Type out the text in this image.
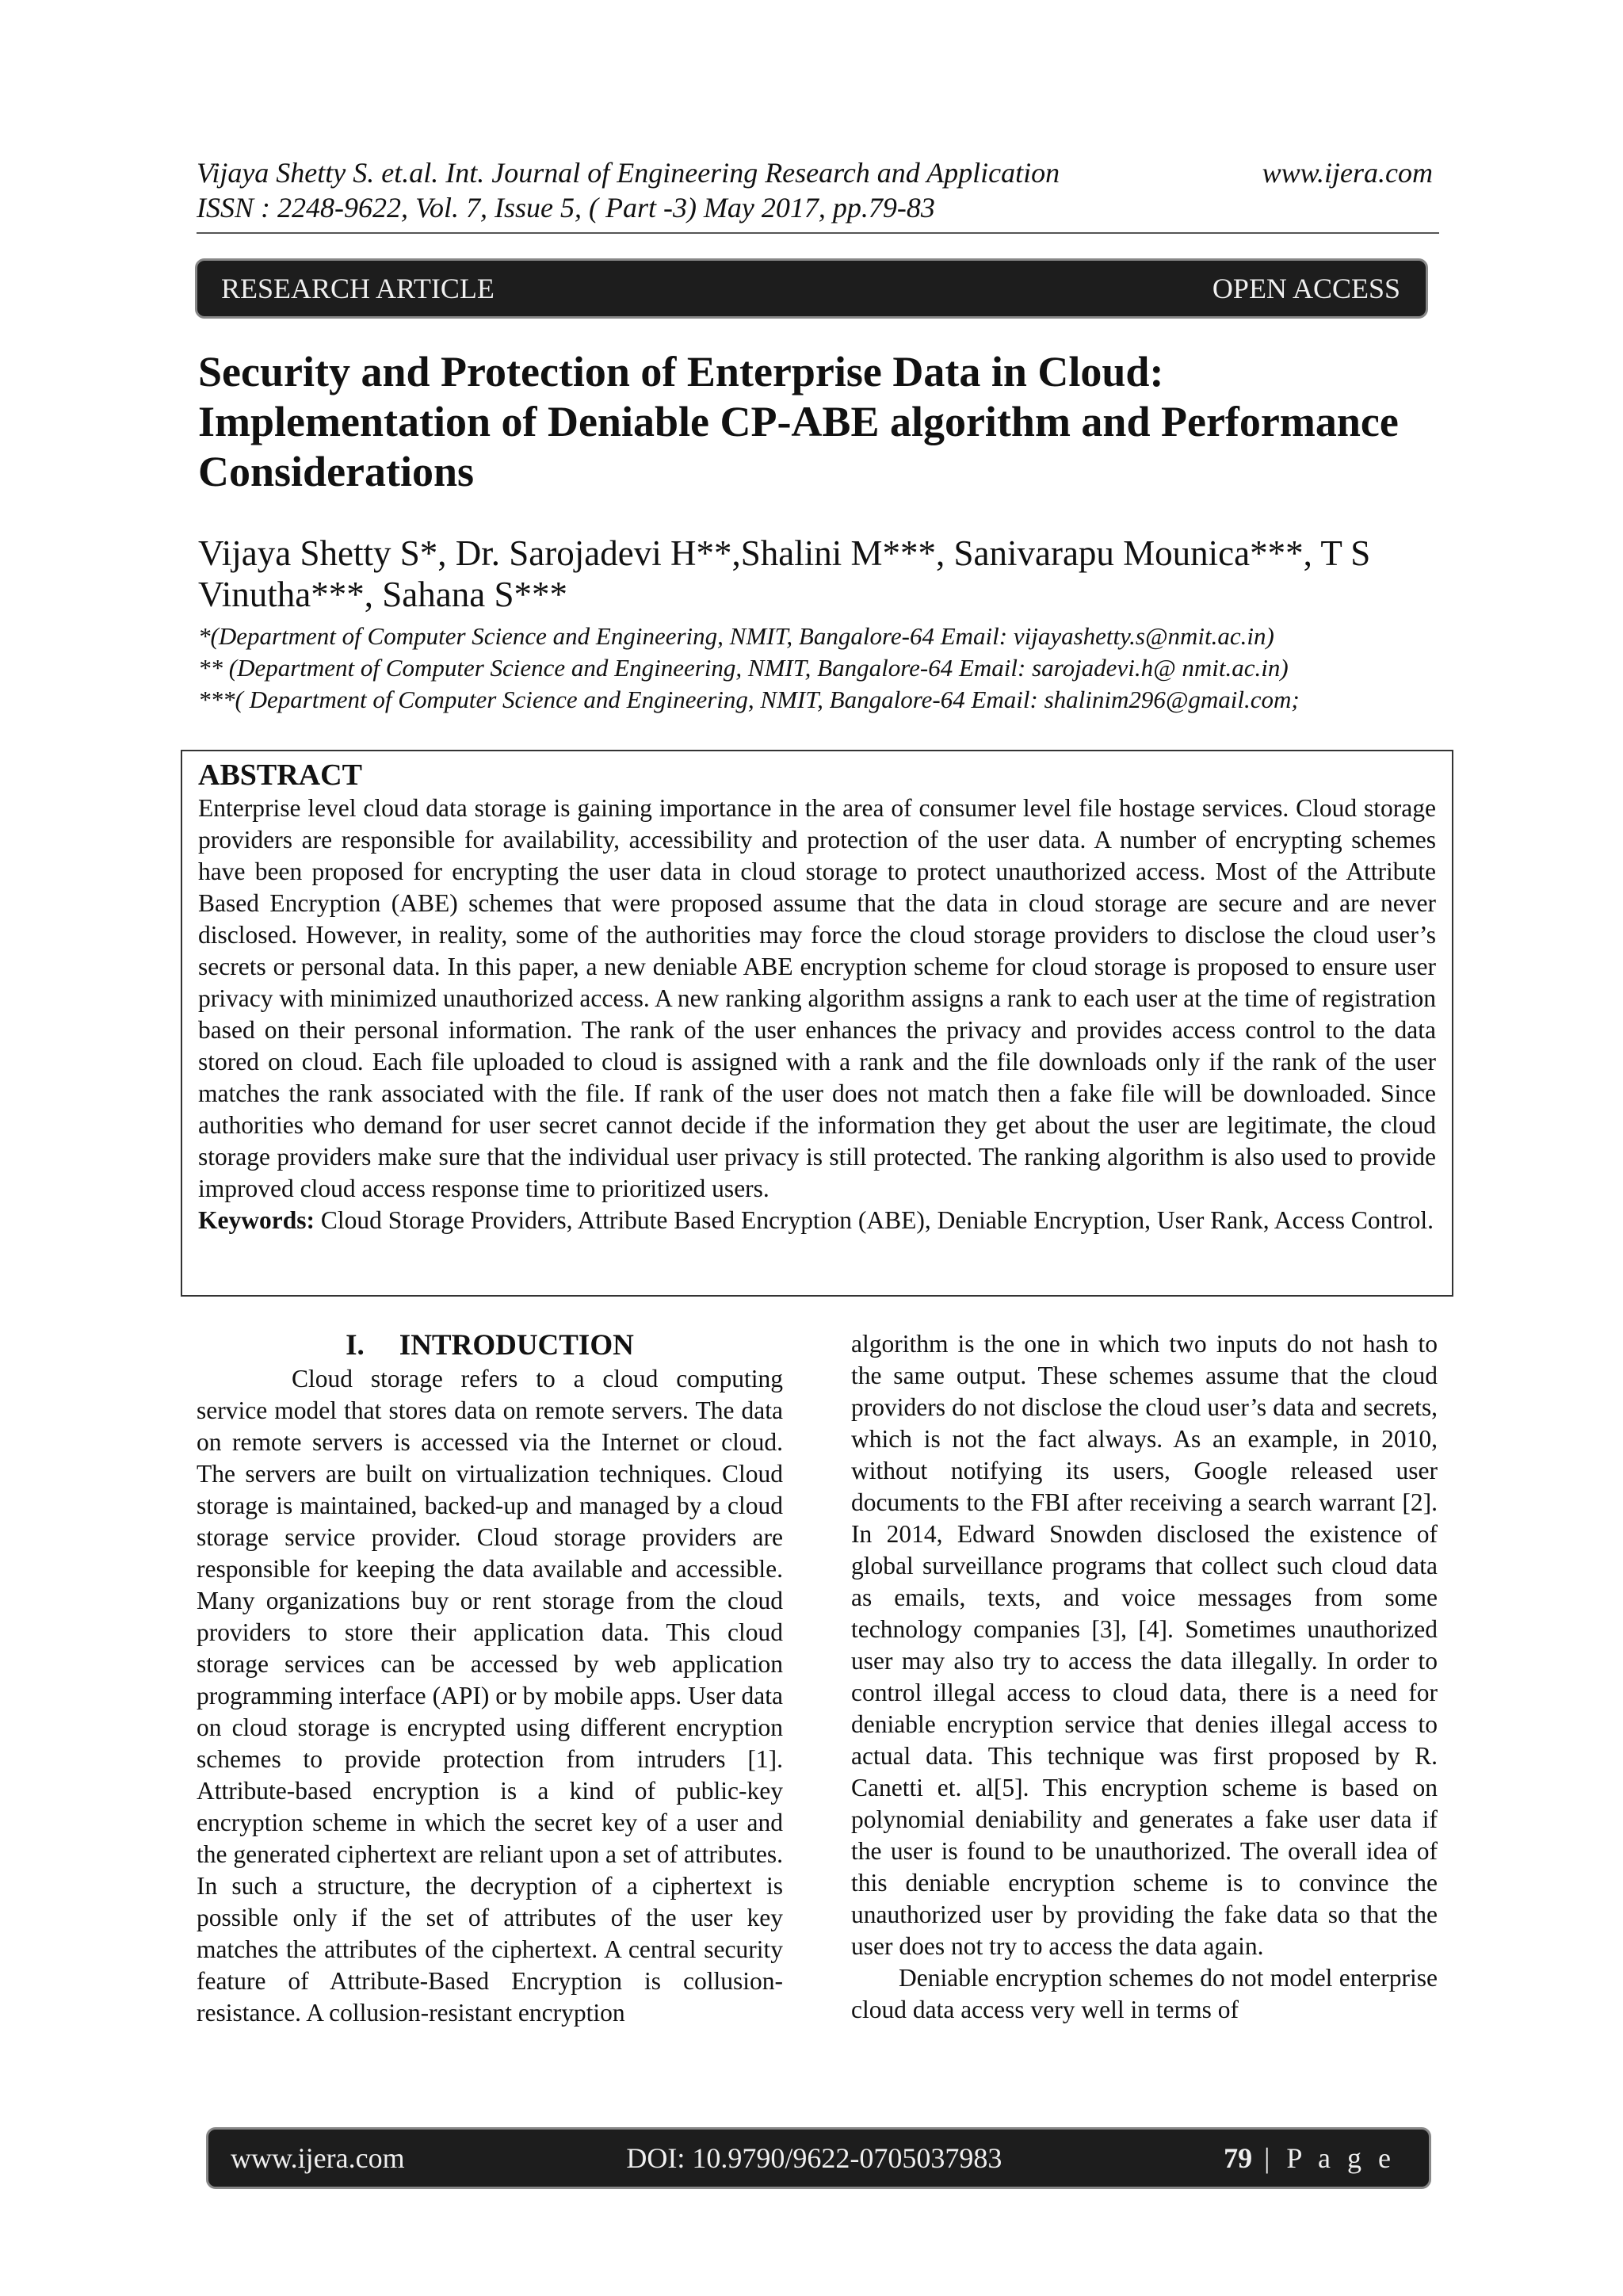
Vijaya Shetty S. et.al. Int. Journal of Engineering Research and Application	www.ijera.com
ISSN : 2248-9622, Vol. 7, Issue 5, ( Part -3) May 2017, pp.79-83
RESEARCH ARTICLE	OPEN ACCESS
Security and Protection of Enterprise Data in Cloud: Implementation of Deniable CP-ABE algorithm and Performance Considerations

Vijaya Shetty S*, Dr. Sarojadevi H**,Shalini M***, Sanivarapu Mounica***, T S Vinutha***, Sahana S***

*(Department of Computer Science and Engineering, NMIT, Bangalore-64 Email: vijayashetty.s@nmit.ac.in)
** (Department of Computer Science and Engineering, NMIT, Bangalore-64 Email: sarojadevi.h@ nmit.ac.in)
***( Department of Computer Science and Engineering, NMIT, Bangalore-64 Email: shalinim296@gmail.com;
ABSTRACT
Enterprise level cloud data storage is gaining importance in the area of consumer level file hostage services. Cloud storage providers are responsible for availability, accessibility and protection of the user data. A number of encrypting schemes have been proposed for encrypting the user data in cloud storage to protect unauthorized access. Most of the Attribute Based Encryption (ABE) schemes that were proposed assume that the data in cloud storage are secure and are never disclosed. However, in reality, some of the authorities may force the cloud storage providers to disclose the cloud user’s secrets or personal data. In this paper, a new deniable ABE encryption scheme for cloud storage is proposed to ensure user privacy with minimized unauthorized access. A new ranking algorithm assigns a rank to each user at the time of registration based on their personal information. The rank of the user enhances the privacy and provides access control to the data stored on cloud. Each file uploaded to cloud is assigned with a rank and the file downloads only if the rank of the user matches the rank associated with the file. If rank of the user does not match then a fake file will be downloaded. Since authorities who demand for user secret cannot decide if the information they get about the user are legitimate, the cloud storage providers make sure that the individual user privacy is still protected. The ranking algorithm is also used to provide improved cloud access response time to prioritized users.
Keywords: Cloud Storage Providers, Attribute Based Encryption (ABE), Deniable Encryption, User Rank, Access Control.
I. INTRODUCTION

Cloud storage refers to a cloud computing service model that stores data on remote servers. The data on remote servers is accessed via the Internet or cloud. The servers are built on virtualization techniques. Cloud storage is maintained, backed-up and managed by a cloud storage service provider. Cloud storage providers are responsible for keeping the data available and accessible. Many organizations buy or rent storage from the cloud providers to store their application data. This cloud storage services can be accessed by web application programming interface (API) or by mobile apps. User data on cloud storage is encrypted using different encryption schemes to provide protection from intruders [1]. Attribute-based encryption is a kind of public-key encryption scheme in which the secret key of a user and the generated ciphertext are reliant upon a set of attributes. In such a structure, the decryption of a ciphertext is possible only if the set of attributes of the user key matches the attributes of the ciphertext. A central security feature of Attribute-Based Encryption is collusion-resistance. A collusion-resistant encryption

algorithm is the one in which two inputs do not hash to the same output. These schemes assume that the cloud providers do not disclose the cloud user’s data and secrets, which is not the fact always. As an example, in 2010, without notifying its users, Google released user documents to the FBI after receiving a search warrant [2]. In 2014, Edward Snowden disclosed the existence of global surveillance programs that collect such cloud data as emails, texts, and voice messages from some technology companies [3], [4]. Sometimes unauthorized user may also try to access the data illegally. In order to control illegal access to cloud data, there is a need for deniable encryption service that denies illegal access to actual data. This technique was first proposed by R. Canetti et. al[5]. This encryption scheme is based on polynomial deniability and generates a fake user data if the user is found to be unauthorized. The overall idea of this deniable encryption scheme is to convince the unauthorized user by providing the fake data so that the user does not try to access the data again.

Deniable encryption schemes do not model enterprise cloud data access very well in terms of

www.ijera.com	DOI: 10.9790/9622-0705037983	79 | P a g e
